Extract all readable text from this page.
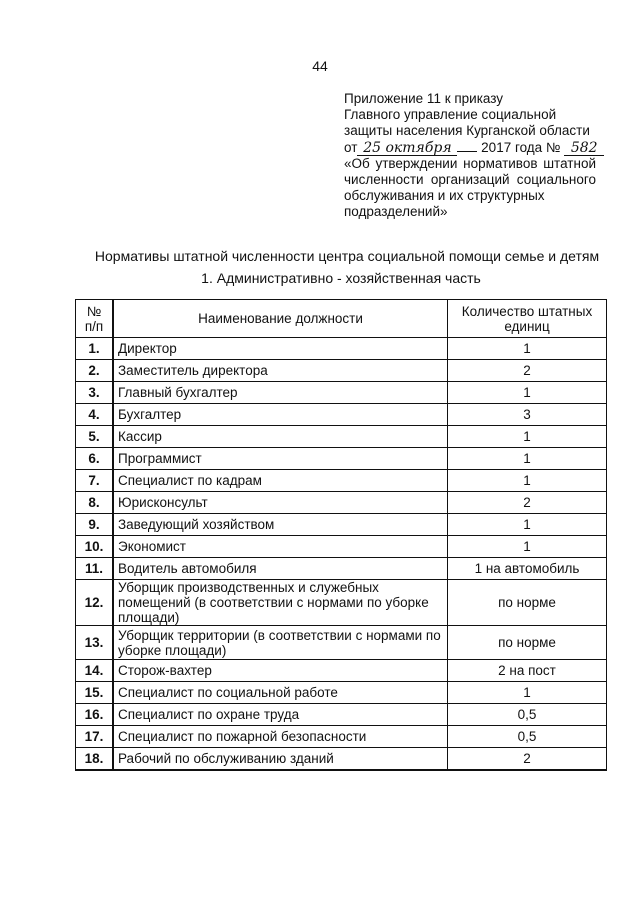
44
Приложение 11 к приказу
Главного управление социальной
защиты населения Курганской области
от 25 октября 2017 года № 582
«Об утверждении нормативов штатной
численности организаций социального
обслуживания и их структурных
подразделений»
Нормативы штатной численности центра социальной помощи семье и детям
1. Административно - хозяйственная часть
№ п/п	Наименование должности	Количество штатных единиц
1.	Директор	1
2.	Заместитель директора	2
3.	Главный бухгалтер	1
4.	Бухгалтер	3
5.	Кассир	1
6.	Программист	1
7.	Специалист по кадрам	1
8.	Юрисконсульт	2
9.	Заведующий хозяйством	1
10.	Экономист	1
11.	Водитель автомобиля	1 на автомобиль
12.	Уборщик производственных и служебных помещений (в соответствии с нормами по уборке площади)	по норме
13.	Уборщик территории (в соответствии с нормами по уборке площади)	по норме
14.	Сторож-вахтер	2 на пост
15.	Специалист по социальной работе	1
16.	Специалист по охране труда	0,5
17.	Специалист по пожарной безопасности	0,5
18.	Рабочий по обслуживанию зданий	2
